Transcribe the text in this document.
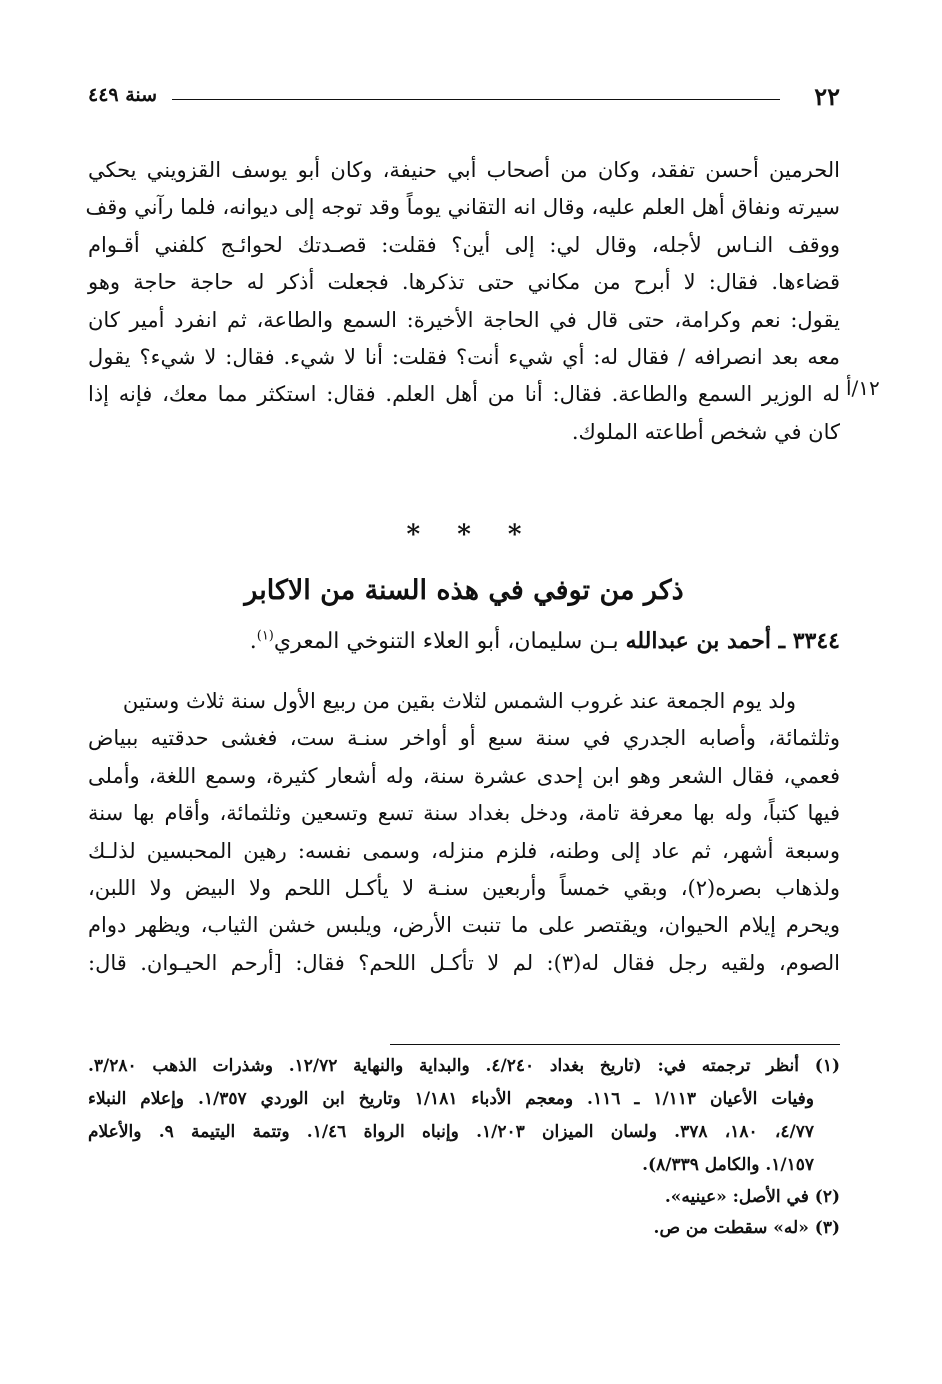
٢٢
سنة ٤٤٩
الحرمين أحسن تفقد، وكان من أصحاب أبي حنيفة، وكان أبو يوسف القزويني يحكي
سيرته ونفاق أهل العلم عليه، وقال انه التقاني يوماً وقد توجه إلى ديوانه، فلما رآني وقف
ووقف النـاس لأجله، وقال لي: إلى أين؟ فقلت: قصـدتك لحوائـج كلفني أقـوام
قضاءها. فقال: لا أبرح من مكاني حتى تذكرها. فجعلت أذكر له حاجة حاجة وهو
يقول: نعم وكرامة، حتى قال في الحاجة الأخيرة: السمع والطاعة، ثم انفرد أمير كان
معه بعد انصرافه / فقال له: أي شيء أنت؟ فقلت: أنا لا شيء. فقال: لا شيء؟ يقول
له الوزير السمع والطاعة. فقال: أنا من أهل العلم. فقال: استكثر مما معك، فإنه إذا
كان في شخص أطاعته الملوك.
١٢/أ
* * *
ذكر من توفي في هذه السنة من الاكابر
٣٣٤٤ ـ أحمد بن عبدالله بـن سليمان، أبو العلاء التنوخي المعري$^{(١)}$.
ولد يوم الجمعة عند غروب الشمس لثلاث بقين من ربيع الأول سنة ثلاث وستين
وثلثمائة، وأصابه الجدري في سنة سبع أو أواخر سنـة ست، فغشى حدقتيه ببياض
فعمي، فقال الشعر وهو ابن إحدى عشرة سنة، وله أشعار كثيرة، وسمع اللغة، وأملى
فيها كتباً، وله بها معرفة تامة، ودخل بغداد سنة تسع وتسعين وثلثمائة، وأقام بها سنة
وسبعة أشهر، ثم عاد إلى وطنه، فلزم منزله، وسمى نفسه: رهين المحبسين لذلـك
ولذهاب بصره(٢)، وبقي خمساً وأربعين سنـة لا يأكـل اللحم ولا البيض ولا اللبن،
ويحرم إيلام الحيوان، ويقتصر على ما تنبت الأرض، ويلبس خشن الثياب، ويظهر دوام
الصوم، ولقيه رجل فقال له(٣): لم لا تأكـل اللحم؟ فقال: [أرحم الحيـوان. قال:
(١) أنظر ترجمته في: (تاريخ بغداد ٤/٢٤٠. والبداية والنهاية ١٢/٧٢. وشذرات الذهب ٣/٢٨٠.
وفيات الأعيان ١/١١٣ ـ ١١٦. ومعجم الأدباء ١/١٨١ وتاريخ ابن الوردي ١/٣٥٧. وإعلام النبلاء
٤/٧٧، ١٨٠، ٣٧٨. ولسان الميزان ١/٢٠٣. وإنباه الرواة ١/٤٦. وتتمة اليتيمة ٩. والأعلام
١/١٥٧. والكامل ٨/٣٣٩).
(٢) في الأصل: «عينيه».
(٣) «له» سقطت من ص.
